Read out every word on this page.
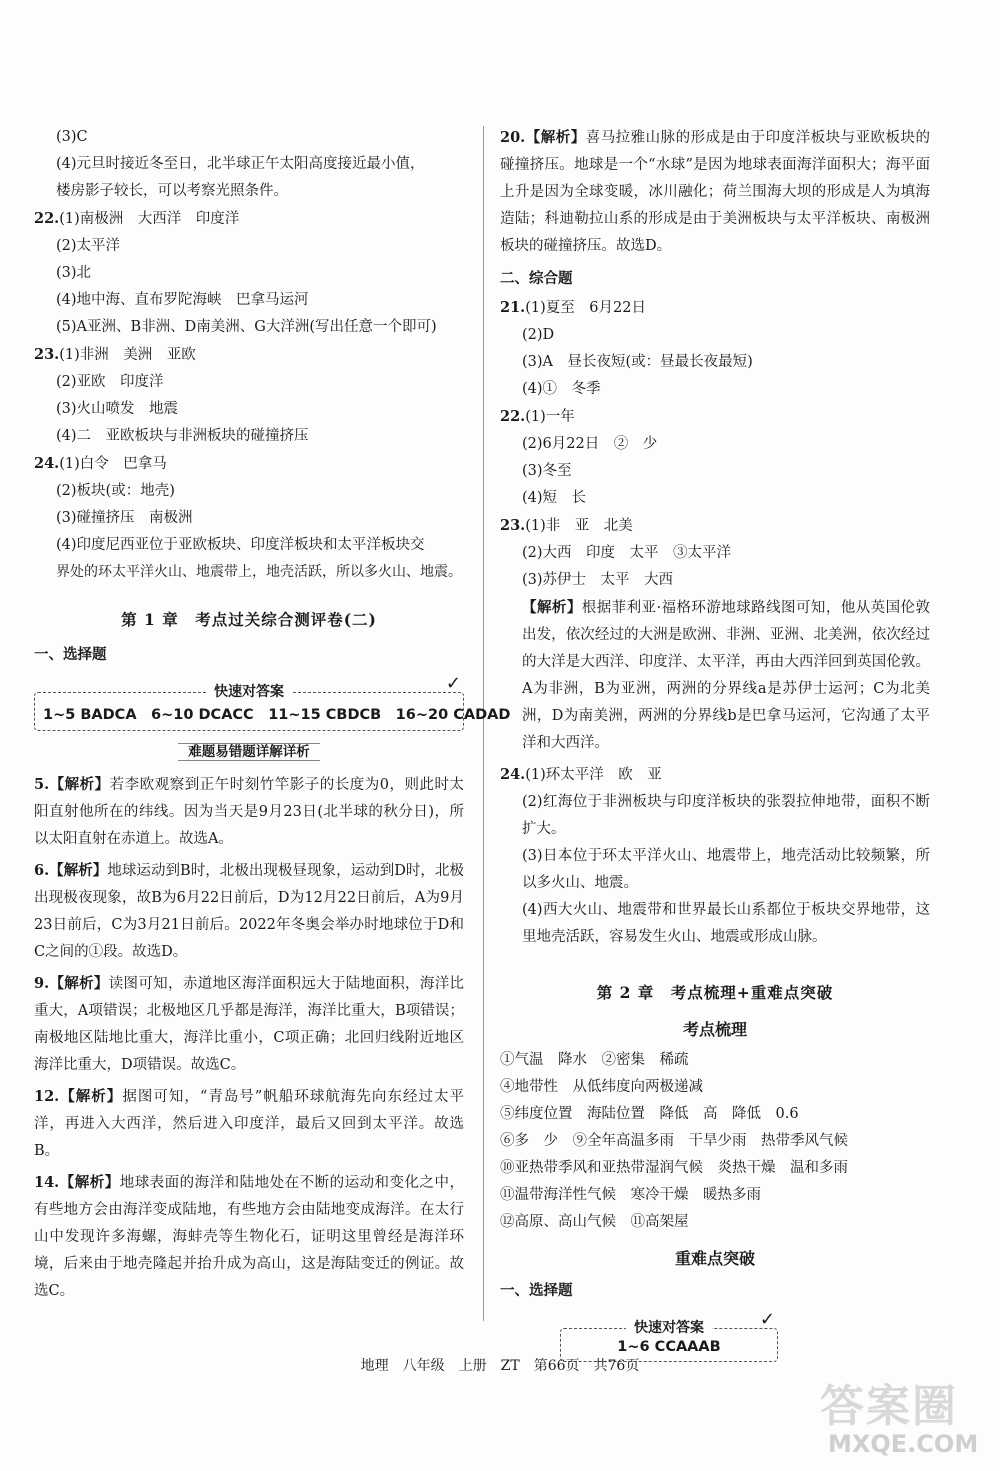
(3)C
(4)元旦时接近冬至日，北半球正午太阳高度接近最小值，
楼房影子较长，可以考察光照条件。
22.(1)南极洲　大西洋　印度洋
(2)太平洋
(3)北
(4)地中海、直布罗陀海峡　巴拿马运河
(5)A亚洲、B非洲、D南美洲、G大洋洲(写出任意一个即可)
23.(1)非洲　美洲　亚欧
(2)亚欧　印度洋
(3)火山喷发　地震
(4)二　亚欧板块与非洲板块的碰撞挤压
24.(1)白令　巴拿马
(2)板块(或：地壳)
(3)碰撞挤压　南极洲
(4)印度尼西亚位于亚欧板块、印度洋板块和太平洋板块交
界处的环太平洋火山、地震带上，地壳活跃，所以多火山、地震。
第 1 章　考点过关综合测评卷(二)
一、选择题
快速对答案	✓
1~5 BADCA　6~10 DCACC　11~15 CBDCB　16~20 CADAD
难题易错题详解详析
5.【解析】若李欧观察到正午时刻竹竿影子的长度为0，则此时太阳直射他所在的纬线。因为当天是9月23日(北半球的秋分日)，所以太阳直射在赤道上。故选A。
6.【解析】地球运动到B时，北极出现极昼现象，运动到D时，北极出现极夜现象，故B为6月22日前后，D为12月22日前后，A为9月23日前后，C为3月21日前后。2022年冬奥会举办时地球位于D和C之间的①段。故选D。
9.【解析】读图可知，赤道地区海洋面积远大于陆地面积，海洋比重大，A项错误；北极地区几乎都是海洋，海洋比重大，B项错误；南极地区陆地比重大，海洋比重小，C项正确；北回归线附近地区海洋比重大，D项错误。故选C。
12.【解析】据图可知，“青岛号”帆船环球航海先向东经过太平洋，再进入大西洋，然后进入印度洋，最后又回到太平洋。故选B。
14.【解析】地球表面的海洋和陆地处在不断的运动和变化之中，有些地方会由海洋变成陆地，有些地方会由陆地变成海洋。在太行山中发现许多海螺，海蚌壳等生物化石，证明这里曾经是海洋环境，后来由于地壳隆起并抬升成为高山，这是海陆变迁的例证。故选C。
20.【解析】喜马拉雅山脉的形成是由于印度洋板块与亚欧板块的碰撞挤压。地球是一个“水球”是因为地球表面海洋面积大；海平面上升是因为全球变暖，冰川融化；荷兰围海大坝的形成是人为填海造陆；科迪勒拉山系的形成是由于美洲板块与太平洋板块、南极洲板块的碰撞挤压。故选D。
二、综合题
21.(1)夏至　6月22日
(2)D
(3)A　昼长夜短(或：昼最长夜最短)
(4)①　冬季
22.(1)一年
(2)6月22日　②　少
(3)冬至
(4)短　长
23.(1)非　亚　北美
(2)大西　印度　太平　③太平洋
(3)苏伊士　太平　大西
【解析】根据菲利亚·福格环游地球路线图可知，他从英国伦敦出发，依次经过的大洲是欧洲、非洲、亚洲、北美洲，依次经过的大洋是大西洋、印度洋、太平洋，再由大西洋回到英国伦敦。A为非洲，B为亚洲，两洲的分界线a是苏伊士运河；C为北美洲，D为南美洲，两洲的分界线b是巴拿马运河，它沟通了太平洋和大西洋。
24.(1)环太平洋　欧　亚
(2)红海位于非洲板块与印度洋板块的张裂拉伸地带，面积不断扩大。
(3)日本位于环太平洋火山、地震带上，地壳活动比较频繁，所以多火山、地震。
(4)西大火山、地震带和世界最长山系都位于板块交界地带，这里地壳活跃，容易发生火山、地震或形成山脉。
第 2 章　考点梳理+重难点突破
考点梳理
①气温　降水　②密集　稀疏
④地带性　从低纬度向两极递减
⑤纬度位置　海陆位置　降低　高　降低　0.6
⑥多　少　⑨全年高温多雨　干旱少雨　热带季风气候
⑩亚热带季风和亚热带湿润气候　炎热干燥　温和多雨
⑪温带海洋性气候　寒冷干燥　暖热多雨
⑫高原、高山气候　⑪高架屋
重难点突破
一、选择题
快速对答案	✓
1~6 CCAAAB
地理　八年级　上册　ZT　第66页　共76页
答案圈
MXQE.COM
